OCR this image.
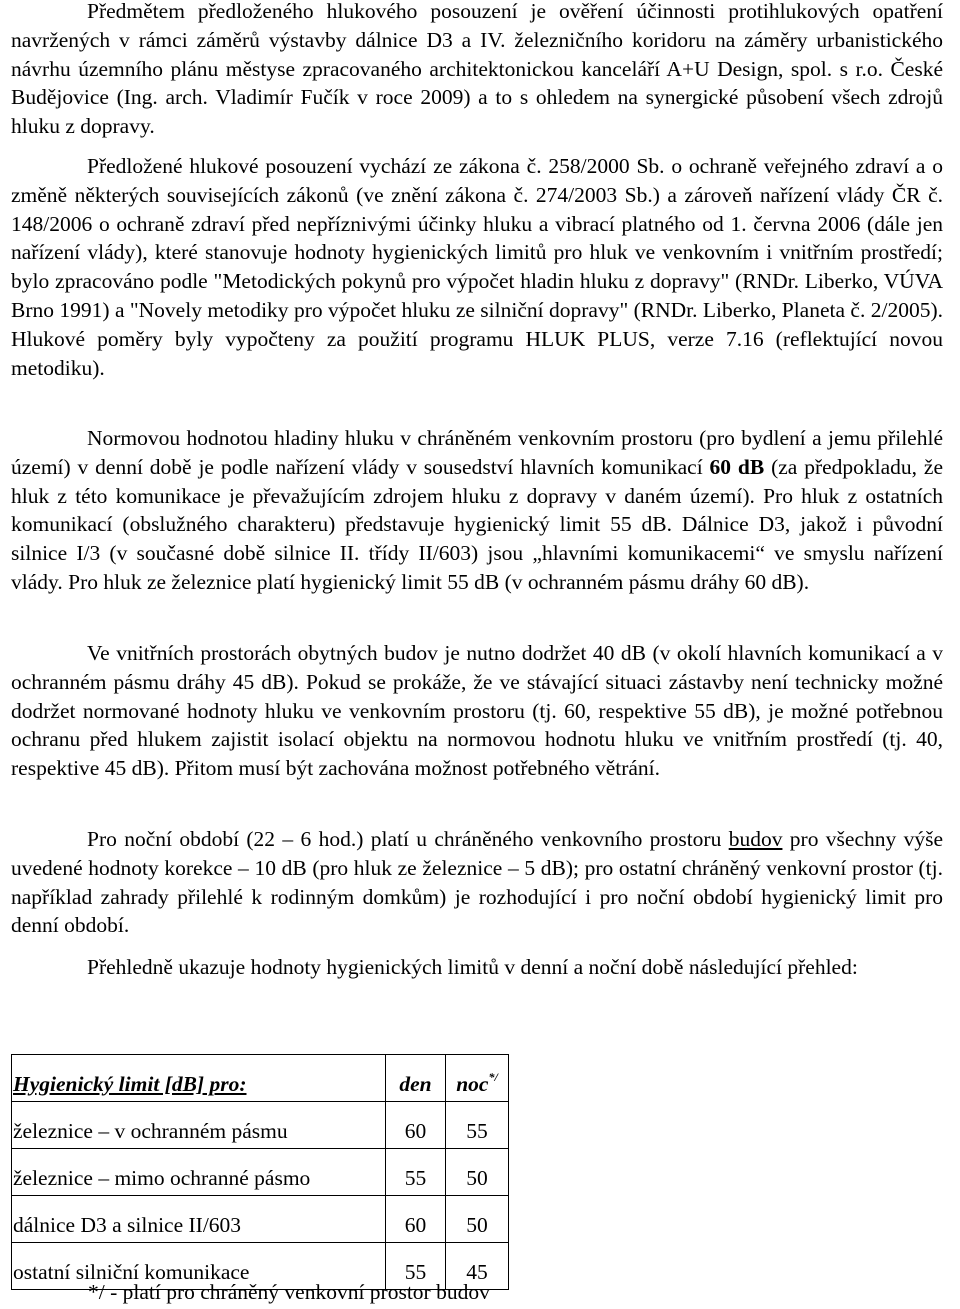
Předmětem předloženého hlukového posouzení je ověření účinnosti protihlukových opatření navržených v rámci záměrů výstavby dálnice D3 a IV. železničního koridoru na záměry urbanistického návrhu územního plánu městyse zpracovaného architektonickou kanceláří A+U Design, spol. s r.o. České Budějovice (Ing. arch. Vladimír Fučík v roce 2009) a to s ohledem na synergické působení všech zdrojů hluku z dopravy.

Předložené hlukové posouzení vychází ze zákona č. 258/2000 Sb. o ochraně veřejného zdraví a o změně některých souvisejících zákonů (ve znění zákona č. 274/2003 Sb.) a zároveň nařízení vlády ČR č. 148/2006 o ochraně zdraví před nepříznivými účinky hluku a vibrací platného od 1. června 2006 (dále jen nařízení vlády), které stanovuje hodnoty hygienických limitů pro hluk ve venkovním i vnitřním prostředí; bylo zpracováno podle "Metodických pokynů pro výpočet hladin hluku z dopravy" (RNDr. Liberko, VÚVA Brno 1991) a "Novely metodiky pro výpočet hluku ze silniční dopravy" (RNDr. Liberko, Planeta č. 2/2005). Hlukové poměry byly vypočteny za použití programu HLUK PLUS, verze 7.16 (reflektující novou metodiku).

Normovou hodnotou hladiny hluku v chráněném venkovním prostoru (pro bydlení a jemu přilehlé území) v denní době je podle nařízení vlády v sousedství hlavních komunikací 60 dB (za předpokladu, že hluk z této komunikace je převažujícím zdrojem hluku z dopravy v daném území). Pro hluk z ostatních komunikací (obslužného charakteru) představuje hygienický limit 55 dB. Dálnice D3, jakož i původní silnice I/3 (v současné době silnice II. třídy II/603) jsou „hlavními komunikacemi“ ve smyslu nařízení vlády. Pro hluk ze železnice platí hygienický limit 55 dB (v ochranném pásmu dráhy 60 dB).

Ve vnitřních prostorách obytných budov je nutno dodržet 40 dB (v okolí hlavních komunikací a v ochranném pásmu dráhy 45 dB). Pokud se prokáže, že ve stávající situaci zástavby není technicky možné dodržet normované hodnoty hluku ve venkovním prostoru (tj. 60, respektive 55 dB), je možné potřebnou ochranu před hlukem zajistit isolací objektu na normovou hodnotu hluku ve vnitřním prostředí (tj. 40, respektive 45 dB). Přitom musí být zachována možnost potřebného větrání.

Pro noční období (22 – 6 hod.) platí u chráněného venkovního prostoru budov pro všechny výše uvedené hodnoty korekce – 10 dB (pro hluk ze železnice – 5 dB); pro ostatní chráněný venkovní prostor (tj. například zahrady přilehlé k rodinným domkům) je rozhodující i pro noční období hygienický limit pro denní období.

Přehledně ukazuje hodnoty hygienických limitů v denní a noční době následující přehled:

Hygienický limit [dB] pro:	den	noc*/
železnice – v ochranném pásmu	60	55
železnice – mimo ochranné pásmo	55	50
dálnice D3 a silnice II/603	60	50
ostatní silniční komunikace	55	45
*/ - platí pro chráněný venkovní prostor budov
